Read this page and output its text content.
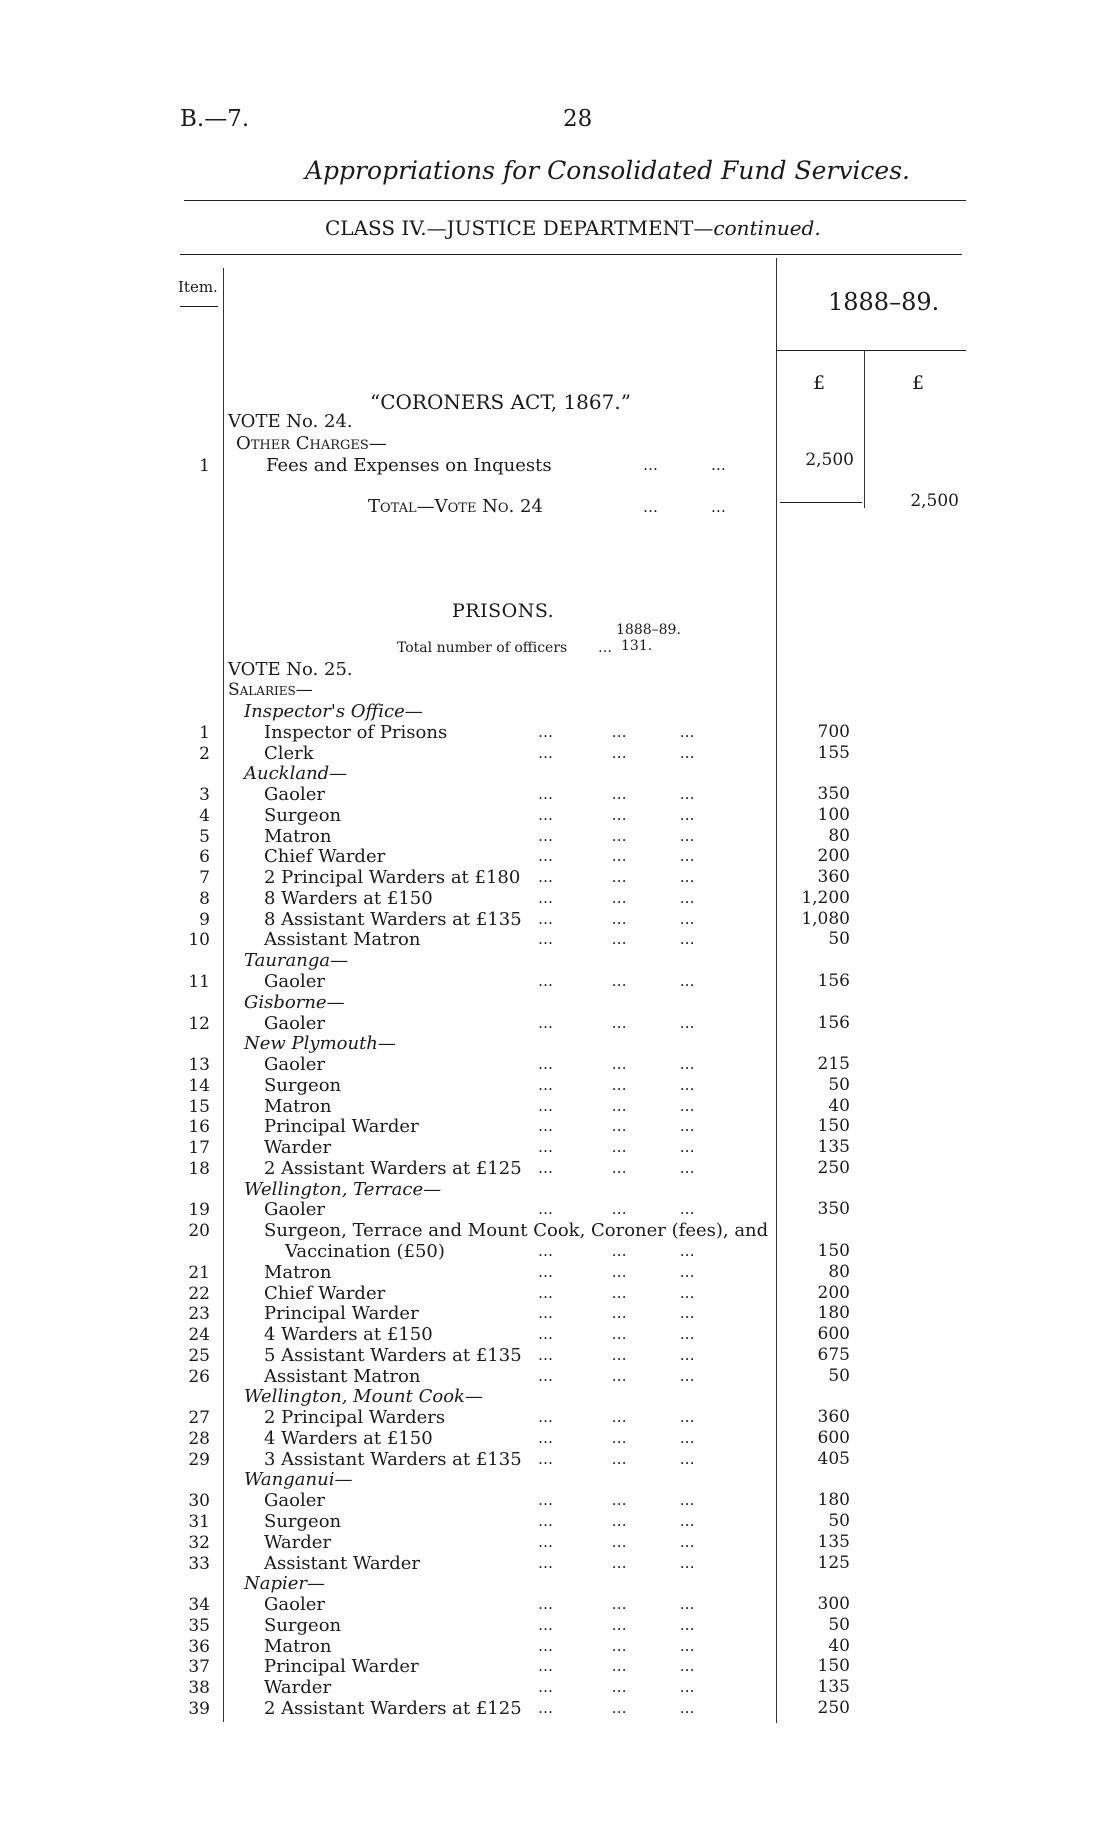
B.—7.	28
Appropriations for Consolidated Fund Services.
CLASS IV.—JUSTICE DEPARTMENT—continued.
Item.
1888–89.
£	£
“CORONERS ACT, 1867.”
VOTE No. 24.
Other Charges—
1	Fees and Expenses on Inquests	…         …	2,500
Total—Vote No. 24	…         …	2,500
PRISONS.
1888–89.
Total number of officers … 131.
VOTE No. 25.
Salaries—
Inspector's Office—
1	Inspector of Prisons	…          …         …	700
2	Clerk	…          …         …	155
Auckland—
3	Gaoler	…          …         …	350
4	Surgeon	…          …         …	100
5	Matron	…          …         …	80
6	Chief Warder	…          …         …	200
7	2 Principal Warders at £180 …          …         …	360
8	8 Warders at £150	…          …         …	1,200
9	8 Assistant Warders at £135 …          …         …	1,080
10	Assistant Matron	…          …         …	50
Tauranga—
11	Gaoler	…          …         …	156
Gisborne—
12	Gaoler	…          …         …	156
New Plymouth—
13	Gaoler	…          …         …	215
14	Surgeon	…          …         …	50
15	Matron	…          …         …	40
16	Principal Warder	…          …         …	150
17	Warder	…          …         …	135
18	2 Assistant Warders at £125 …          …         …	250
Wellington, Terrace—
19	Gaoler	…          …         …	350
20	Surgeon, Terrace and Mount Cook, Coroner (fees), and
Vaccination (£50)	…          …         …	150
21	Matron	…          …         …	80
22	Chief Warder	…          …         …	200
23	Principal Warder	…          …         …	180
24	4 Warders at £150	…          …         …	600
25	5 Assistant Warders at £135 …          …         …	675
26	Assistant Matron	…          …         …	50
Wellington, Mount Cook—
27	2 Principal Warders	…          …         …	360
28	4 Warders at £150	…          …         …	600
29	3 Assistant Warders at £135 …          …         …	405
Wanganui—
30	Gaoler	…          …         …	180
31	Surgeon	…          …         …	50
32	Warder	…          …         …	135
33	Assistant Warder	…          …         …	125
Napier—
34	Gaoler	…          …         …	300
35	Surgeon	…          …         …	50
36	Matron	…          …         …	40
37	Principal Warder	…          …         …	150
38	Warder	…          …         …	135
39	2 Assistant Warders at £125 …          …         …	250
